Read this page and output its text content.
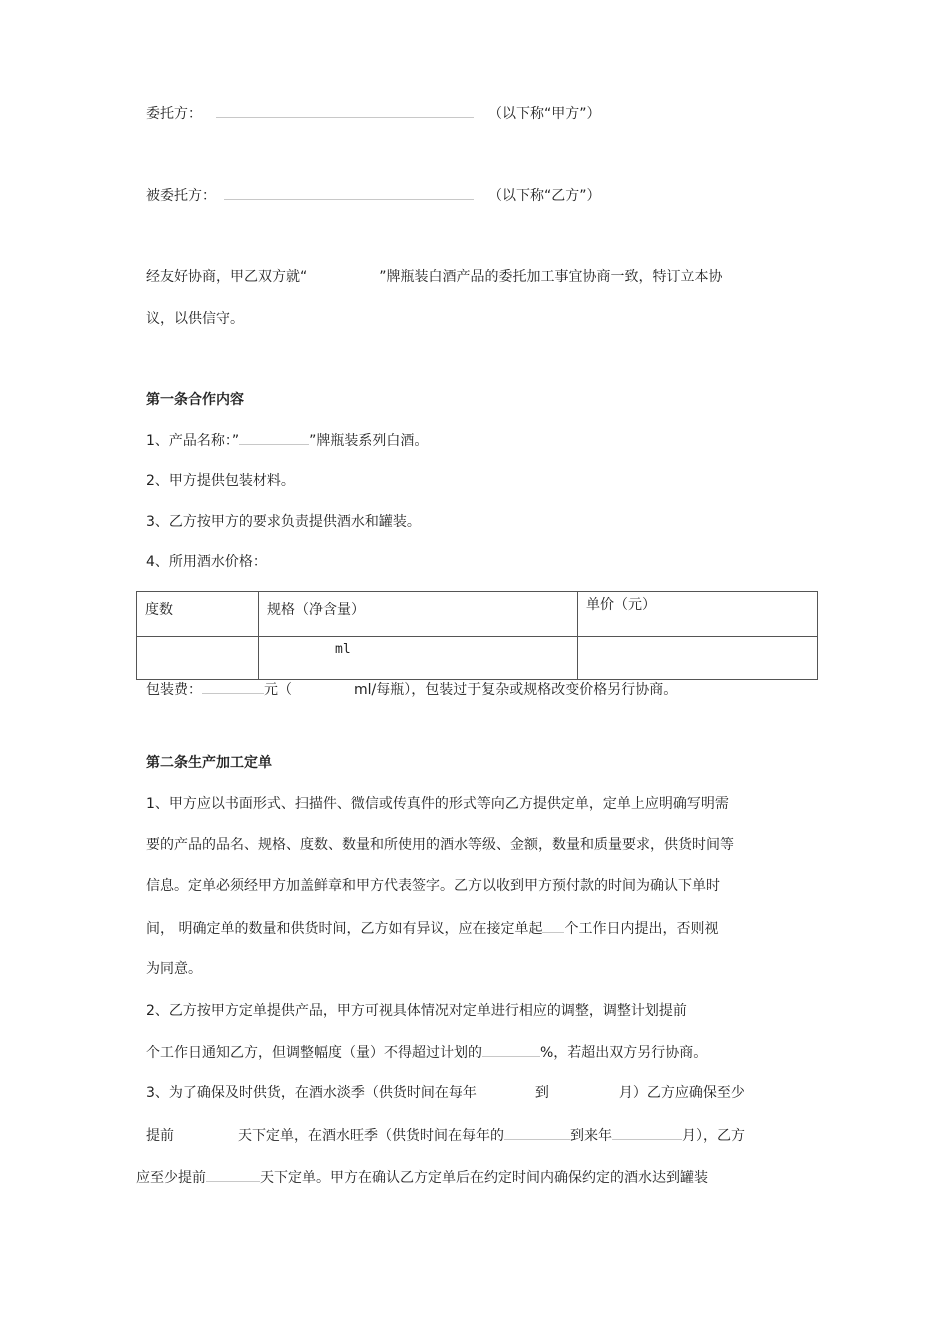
委托方：	（以下称“甲方”）
被委托方：	（以下称“乙方”）
经友好协商，甲乙双方就“	”牌瓶装白酒产品的委托加工事宜协商一致，特订立本协
议，以供信守。
第一条合作内容
1、产品名称：”	”牌瓶装系列白酒。
2、甲方提供包装材料。
3、乙方按甲方的要求负责提供酒水和罐装。
4、所用酒水价格：
度数	规格（净含量）	单价（元）
	ml	
包装费：	元（	ml/每瓶），包装过于复杂或规格改变价格另行协商。
第二条生产加工定单
1、甲方应以书面形式、扫描件、微信或传真件的形式等向乙方提供定单，定单上应明确写明需
要的产品的品名、规格、度数、数量和所使用的酒水等级、金额，数量和质量要求，供货时间等
信息。定单必须经甲方加盖鲜章和甲方代表签字。乙方以收到甲方预付款的时间为确认下单时
间， 明确定单的数量和供货时间，乙方如有异议，应在接定单起 个工作日内提出，否则视
为同意。
2、乙方按甲方定单提供产品，甲方可视具体情况对定单进行相应的调整，调整计划提前
个工作日通知乙方，但调整幅度（量）不得超过计划的	%，若超出双方另行协商。
3、为了确保及时供货，在酒水淡季（供货时间在每年	到	月）乙方应确保至少
提前	天下定单，在酒水旺季（供货时间在每年的	到来年	月），乙方
应至少提前	天下定单。甲方在确认乙方定单后在约定时间内确保约定的酒水达到罐装
